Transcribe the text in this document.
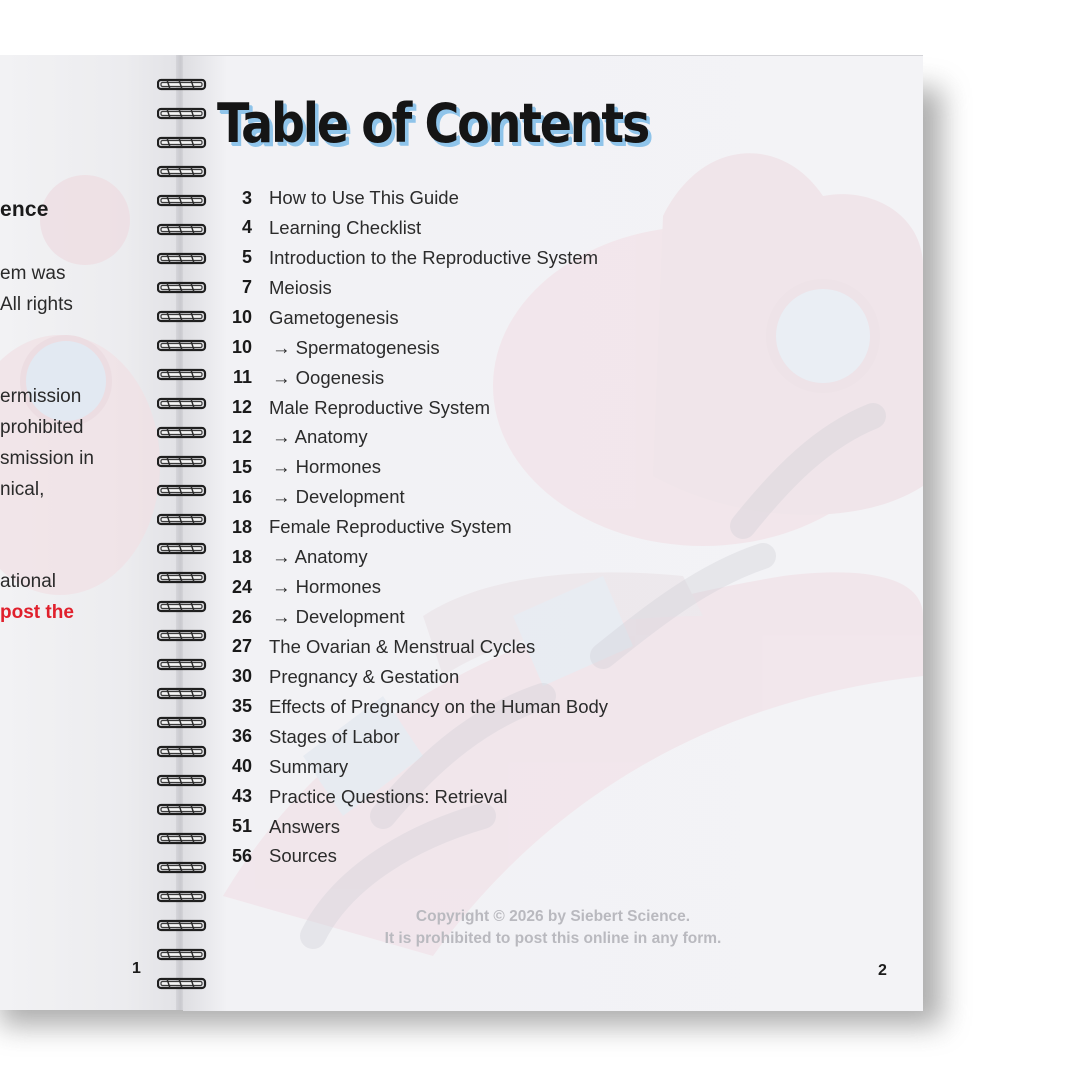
ence
em was
All rights
ermission
prohibited
smission in
nical,
ational
post the
1
Table of Contents
3 How to Use This Guide
4 Learning Checklist
5 Introduction to the Reproductive System
7 Meiosis
10 Gametogenesis
10 → Spermatogenesis
11 → Oogenesis
12 Male Reproductive System
12 → Anatomy
15 → Hormones
16 → Development
18 Female Reproductive System
18 → Anatomy
24 → Hormones
26 → Development
27 The Ovarian & Menstrual Cycles
30 Pregnancy & Gestation
35 Effects of Pregnancy on the Human Body
36 Stages of Labor
40 Summary
43 Practice Questions: Retrieval
51 Answers
56 Sources
Copyright © 2026 by Siebert Science.
It is prohibited to post this online in any form.
2
